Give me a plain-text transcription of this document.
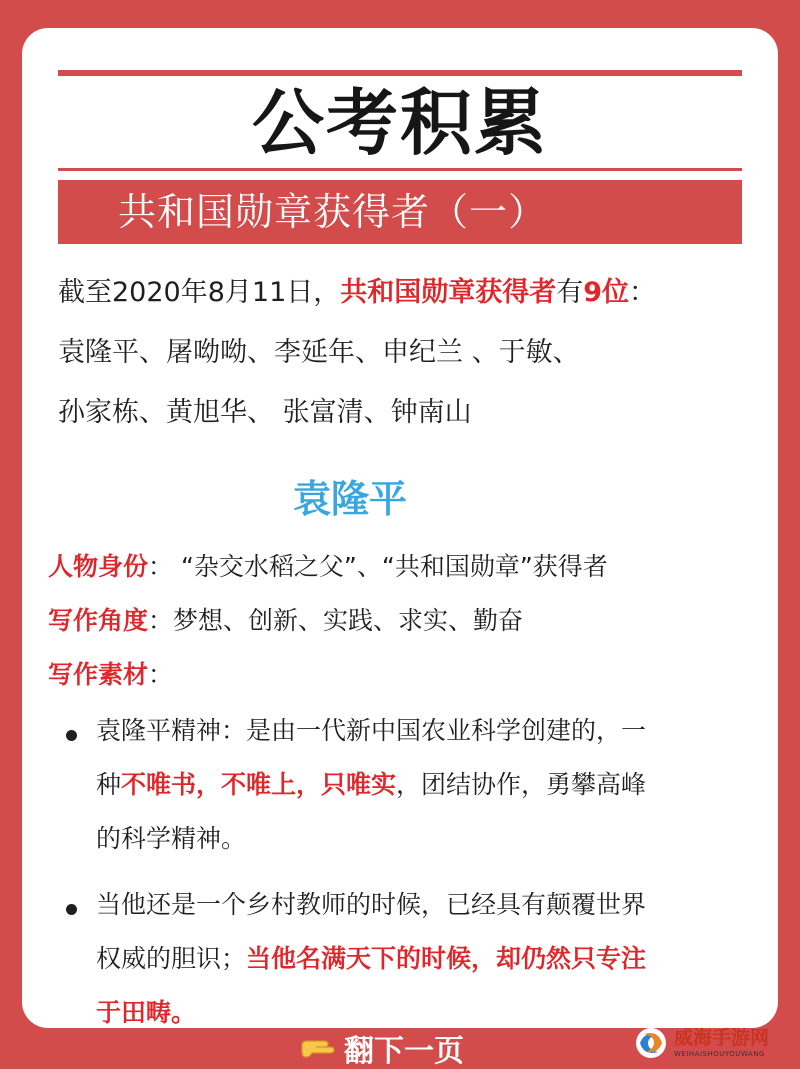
公考积累
共和国勋章获得者（一）
截至2020年8月11日，共和国勋章获得者有9位：
袁隆平、屠呦呦、李延年、申纪兰 、于敏、
孙家栋、黄旭华、 张富清、钟南山
袁隆平
人物身份： “杂交水稻之父”、“共和国勋章”获得者
写作角度：梦想、创新、实践、求实、勤奋
写作素材：
袁隆平精神：是由一代新中国农业科学创建的，一
种不唯书，不唯上，只唯实，团结协作，勇攀高峰
的科学精神。
当他还是一个乡村教师的时候，已经具有颠覆世界
权威的胆识；当他名满天下的时候，却仍然只专注
于田畴。
翻下一页	威海手游网
WEIHAISHOUYOUWANG
